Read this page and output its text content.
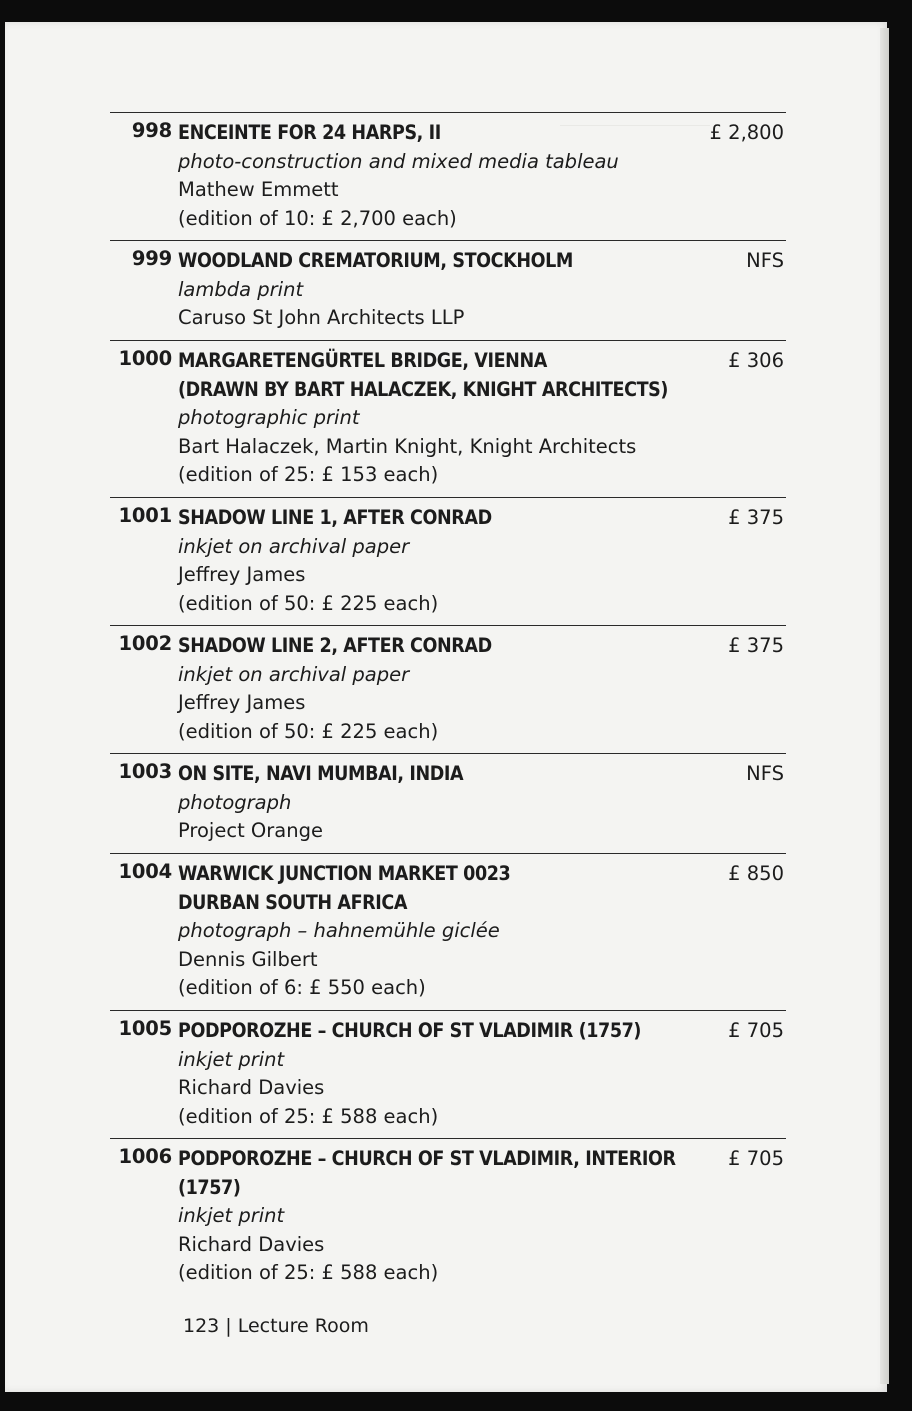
998 ENCEINTE FOR 24 HARPS, II
photo-construction and mixed media tableau
Mathew Emmett
(edition of 10: £ 2,700 each)
£ 2,800
999 WOODLAND CREMATORIUM, STOCKHOLM
lambda print
Caruso St John Architects LLP
NFS
1000 MARGARETENGÜRTEL BRIDGE, VIENNA
(DRAWN BY BART HALACZEK, KNIGHT ARCHITECTS)
photographic print
Bart Halaczek, Martin Knight, Knight Architects
(edition of 25: £ 153 each)
£ 306
1001 SHADOW LINE 1, AFTER CONRAD
inkjet on archival paper
Jeffrey James
(edition of 50: £ 225 each)
£ 375
1002 SHADOW LINE 2, AFTER CONRAD
inkjet on archival paper
Jeffrey James
(edition of 50: £ 225 each)
£ 375
1003 ON SITE, NAVI MUMBAI, INDIA
photograph
Project Orange
NFS
1004 WARWICK JUNCTION MARKET 0023
DURBAN SOUTH AFRICA
photograph – hahnemühle giclée
Dennis Gilbert
(edition of 6: £ 550 each)
£ 850
1005 PODPOROZHE – CHURCH OF ST VLADIMIR (1757)
inkjet print
Richard Davies
(edition of 25: £ 588 each)
£ 705
1006 PODPOROZHE – CHURCH OF ST VLADIMIR, INTERIOR
(1757)
inkjet print
Richard Davies
(edition of 25: £ 588 each)
£ 705
123 | Lecture Room
